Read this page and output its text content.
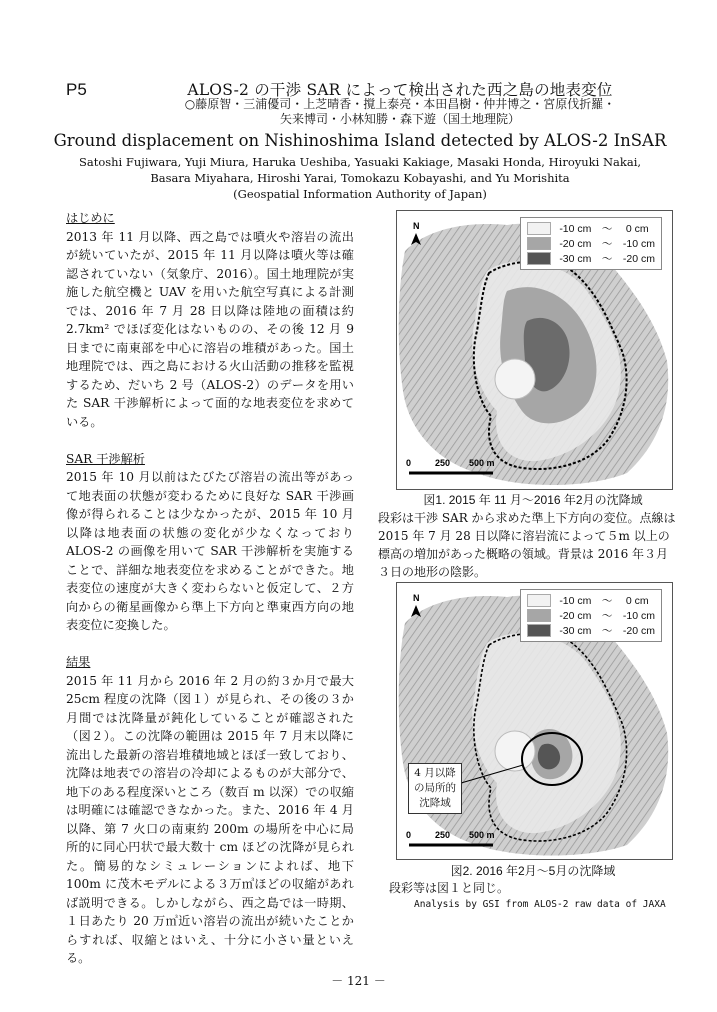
P5	ALOS-2 の干渉 SAR によって検出された西之島の地表変位
○藤原智・三浦優司・上芝晴香・撹上泰亮・本田昌樹・仲井博之・宮原伐折羅・
矢来博司・小林知勝・森下遊（国土地理院）
Ground displacement on Nishinoshima Island detected by ALOS-2 InSAR
Satoshi Fujiwara, Yuji Miura, Haruka Ueshiba, Yasuaki Kakiage, Masaki Honda, Hiroyuki Nakai,
Basara Miyahara, Hiroshi Yarai, Tomokazu Kobayashi, and Yu Morishita
(Geospatial Information Authority of Japan)
はじめに

2013 年 11 月以降、西之島では噴火や溶岩の流出が続いていたが、2015 年 11 月以降は噴火等は確認されていない（気象庁、2016）。国土地理院が実施した航空機と UAV を用いた航空写真による計測では、2016 年 7 月 28 日以降は陸地の面積は約 2.7km² でほぼ変化はないものの、その後 12 月 9 日までに南東部を中心に溶岩の堆積があった。国土地理院では、西之島における火山活動の推移を監視するため、だいち 2 号（ALOS-2）のデータを用いた SAR 干渉解析によって面的な地表変位を求めている。

SAR 干渉解析

2015 年 10 月以前はたびたび溶岩の流出等があって地表面の状態が変わるために良好な SAR 干渉画像が得られることは少なかったが、2015 年 10 月以降は地表面の状態の変化が少なくなっており ALOS-2 の画像を用いて SAR 干渉解析を実施することで、詳細な地表変位を求めることができた。地表変位の速度が大きく変わらないと仮定して、２方向からの衛星画像から準上下方向と準東西方向の地表変位に変換した。

結果

2015 年 11 月から 2016 年 2 月の約３か月で最大 25cm 程度の沈降（図１）が見られ、その後の３か月間では沈降量が鈍化していることが確認された（図２）。この沈降の範囲は 2015 年 7 月末以降に流出した最新の溶岩堆積地域とほぼ一致しており、沈降は地表での溶岩の冷却によるものが大部分で、地下のある程度深いところ（数百 m 以深）での収縮は明確には確認できなかった。また、2016 年 4 月以降、第 7 火口の南東約 200m の場所を中心に局所的に同心円状で最大数十 cm ほどの沈降が見られた。簡易的なシミュレーションによれば、地下 100m に茂木モデルによる３万㎥ほどの収縮があれば説明できる。しかしながら、西之島では一時期、１日あたり 20 万㎥近い溶岩の流出が続いたことからすれば、収縮とはいえ、十分に小さい量といえる。

N
0	250 500 m
-10 cm　～　 0 cm
-20 cm　～　-10 cm
-30 cm　～　-20 cm
図1. 2015 年 11 月～2016 年2月の沈降域
段彩は干渉 SAR から求めた準上下方向の変位。点線は 2015 年 7 月 28 日以降に溶岩流によって５m 以上の標高の増加があった概略の領域。背景は 2016 年３月３日の地形の陰影。
N
0	250 500 m
-10 cm　～　 0 cm
-20 cm　～　-10 cm
-30 cm　～　-20 cm
4 月以降の局所的沈降域
図2. 2016 年2月～5月の沈降域
段彩等は図１と同じ。
Analysis by GSI from ALOS-2 raw data of JAXA
－ 121 －
